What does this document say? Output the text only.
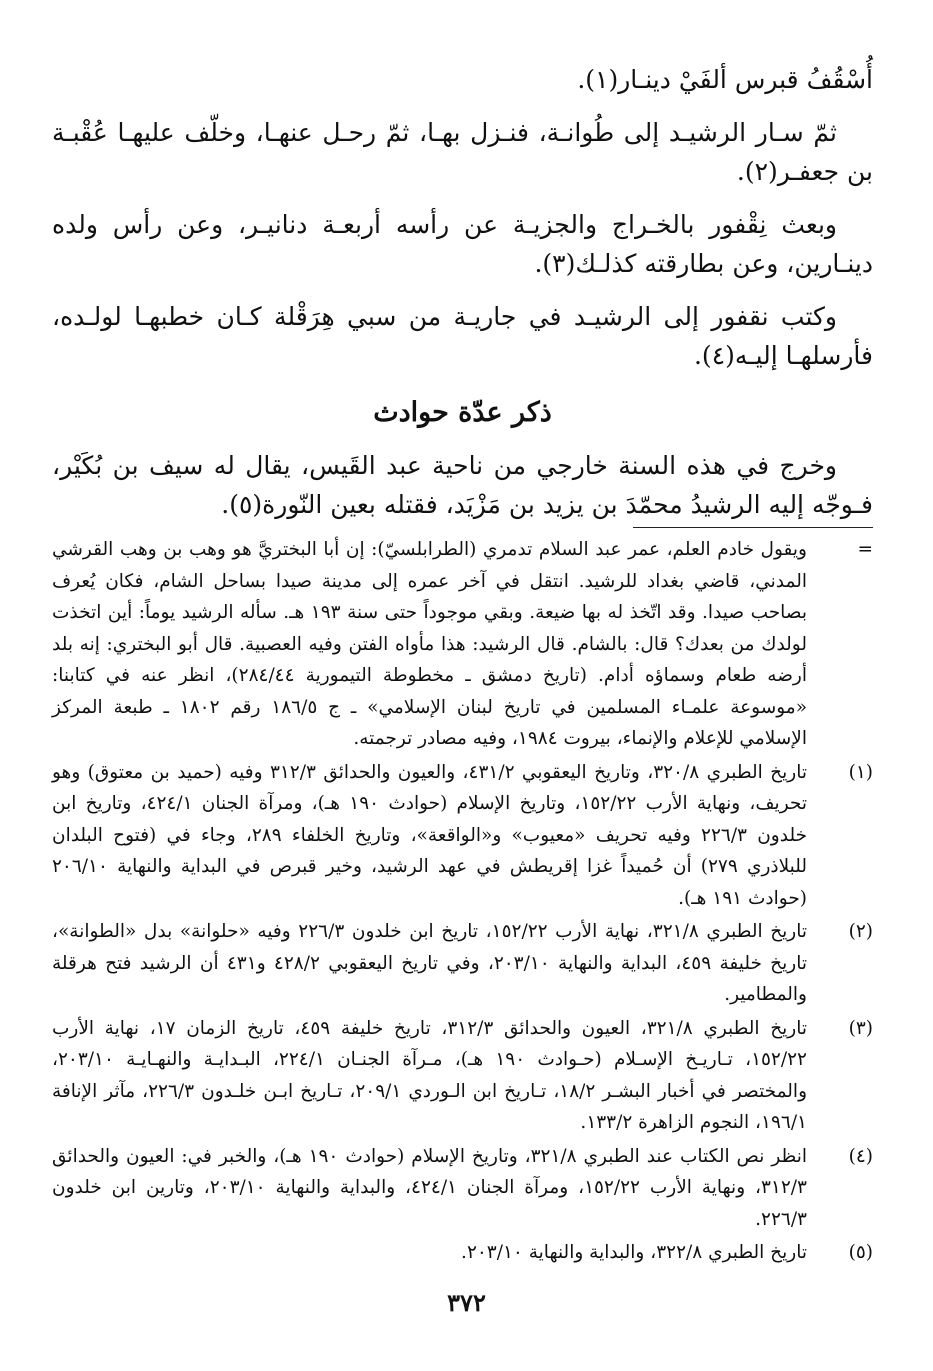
أُسْقُفُ قبرس ألفَيْ دينـار(١).

ثمّ سـار الرشيـد إلى طُوانـة، فنـزل بهـا، ثمّ رحـل عنهـا، وخلّف عليهـا عُقْبـة بن جعفـر(٢).

وبعث نِقْفور بالخـراج والجزيـة عن رأسه أربعـة دنانيـر، وعن رأس ولده دينـارين، وعن بطارقته كذلـك(٣).

وكتب نقفور إلى الرشيـد في جاريـة من سبي هِرَقْلة كـان خطبهـا لولـده، فأرسلهـا إليـه(٤).

ذكر عدّة حوادث

وخرج في هذه السنة خارجي من ناحية عبد القَيس، يقال له سيف بن بُكَيْر، فـوجّه إليه الرشيدُ محمّدَ بن يزيد بن مَزْيَد، فقتله بعين النّورة(٥).

=
ويقول خادم العلم، عمر عبد السلام تدمري (الطرابلسيّ): إن أبا البختريَّ هو وهب بن وهب القرشي المدني، قاضي بغداد للرشيد. انتقل في آخر عمره إلى مدينة صيدا بساحل الشام، فكان يُعرف بصاحب صيدا. وقد اتّخذ له بها ضيعة. وبقي موجوداً حتى سنة ١٩٣ هـ. سأله الرشيد يوماً: أين اتخذت لولدك من بعدك؟ قال: بالشام. قال الرشيد: هذا مأواه الفتن وفيه العصبية. قال أبو البختري: إنه بلد أرضه طعام وسماؤه أدام. (تاريخ دمشق ـ مخطوطة التيمورية ٢٨٤/٤٤)، انظر عنه في كتابنا: «موسوعة علمـاء المسلمين في تاريخ لبنان الإسلامي» ـ ج ١٨٦/٥ رقم ١٨٠٢ ـ طبعة المركز الإسلامي للإعلام والإنماء، بيروت ١٩٨٤، وفيه مصادر ترجمته.
(١)
تاريخ الطبري ٣٢٠/٨، وتاريخ اليعقوبي ٤٣١/٢، والعيون والحدائق ٣١٢/٣ وفيه (حميد بن معتوق) وهو تحريف، ونهاية الأرب ١٥٢/٢٢، وتاريخ الإسلام (حوادث ١٩٠ هـ)، ومرآة الجنان ٤٢٤/١، وتاريخ ابن خلدون ٢٢٦/٣ وفيه تحريف «معيوب» و«الواقعة»، وتاريخ الخلفاء ٢٨٩، وجاء في (فتوح البلدان للبلاذري ٢٧٩) أن حُميداً غزا إقريطش في عهد الرشيد، وخير قبرص في البداية والنهاية ٢٠٦/١٠ (حوادث ١٩١ هـ).
(٢)
تاريخ الطبري ٣٢١/٨، نهاية الأرب ١٥٢/٢٢، تاريخ ابن خلدون ٢٢٦/٣ وفيه «حلوانة» بدل «الطوانة»، تاريخ خليفة ٤٥٩، البداية والنهاية ٢٠٣/١٠، وفي تاريخ اليعقوبي ٤٢٨/٢ و٤٣١ أن الرشيد فتح هرقلة والمطامير.
(٣)
تاريخ الطبري ٣٢١/٨، العيون والحدائق ٣١٢/٣، تاريخ خليفة ٤٥٩، تاريخ الزمان ١٧، نهاية الأرب ١٥٢/٢٢، تـاريـخ الإسـلام (حـوادث ١٩٠ هـ)، مـرآة الجنـان ٢٢٤/١، البـدايـة والنهـايـة ٢٠٣/١٠، والمختصر في أخبار البشـر ١٨/٢، تـاريخ ابن الـوردي ٢٠٩/١، تـاريخ ابـن خلـدون ٢٢٦/٣، مآثر الإنافة ١٩٦/١، النجوم الزاهرة ١٣٣/٢.
(٤)
انظر نص الكتاب عند الطبري ٣٢١/٨، وتاريخ الإسلام (حوادث ١٩٠ هـ)، والخبر في: العيون والحدائق ٣١٢/٣، ونهاية الأرب ١٥٢/٢٢، ومرآة الجنان ٤٢٤/١، والبداية والنهاية ٢٠٣/١٠، وتارين ابن خلدون ٢٢٦/٣.
(٥)
تاريخ الطبري ٣٢٢/٨، والبداية والنهاية ٢٠٣/١٠.
٣٧٢
